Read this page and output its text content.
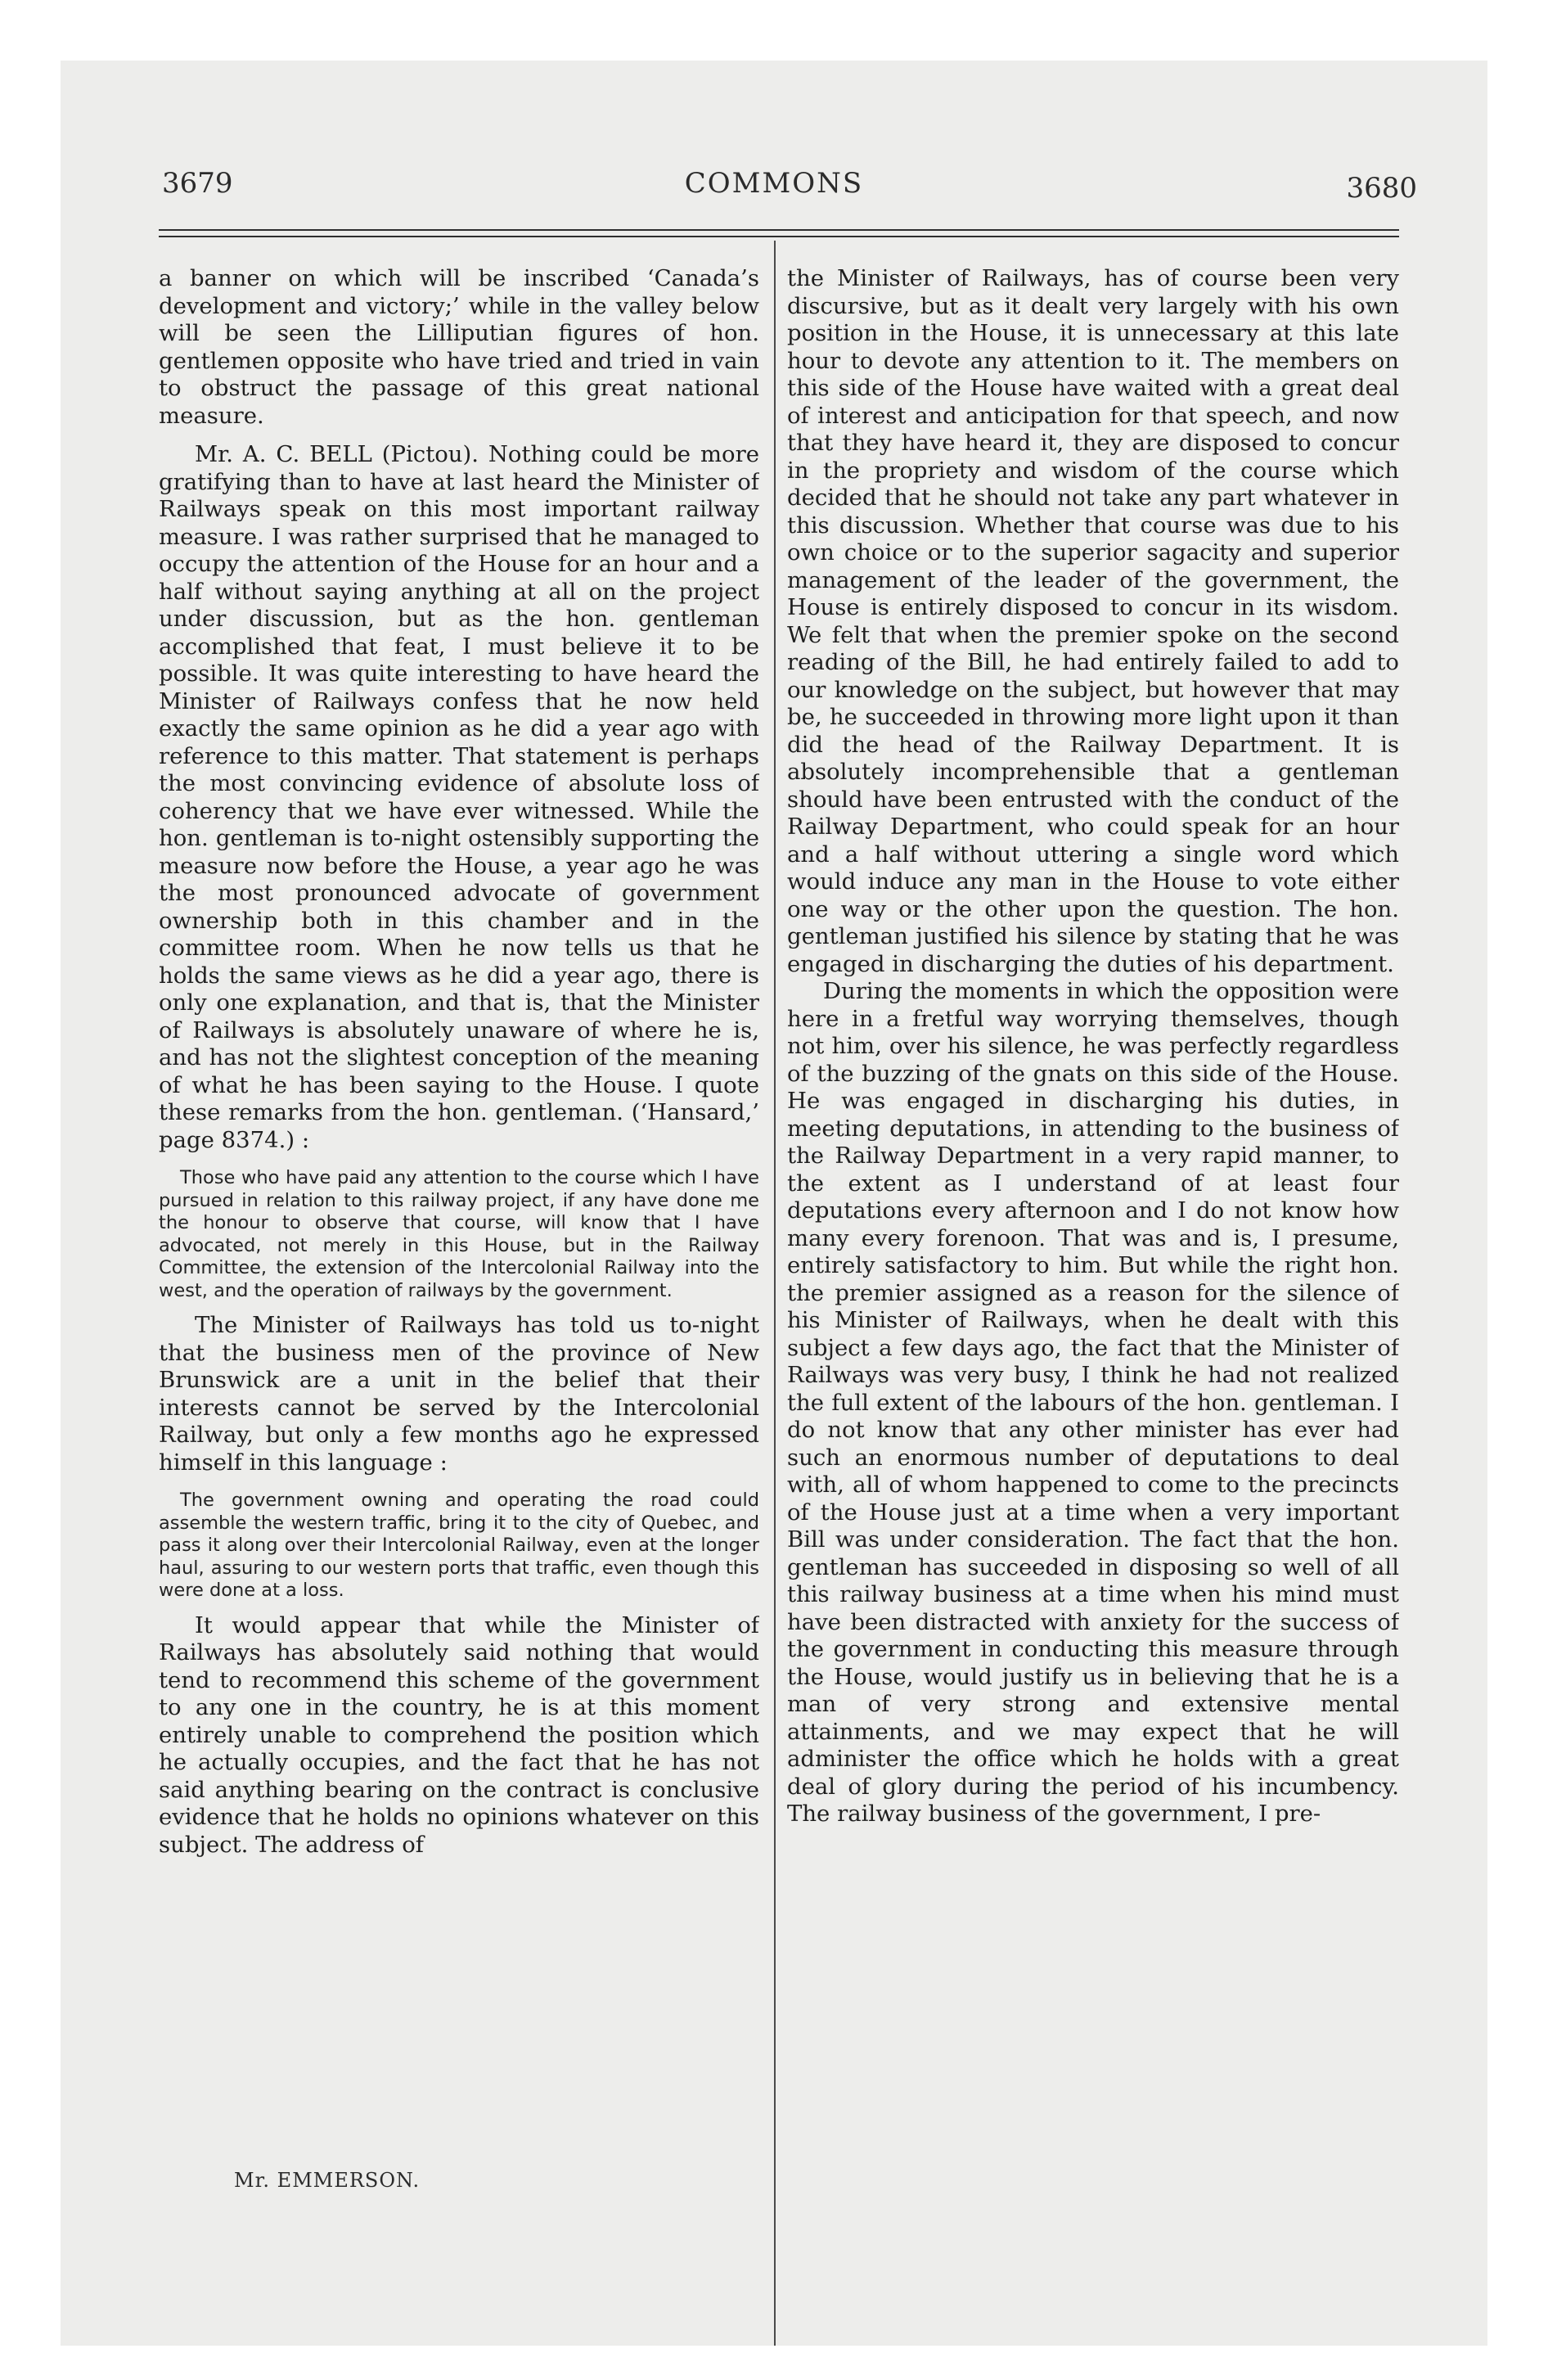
3679	COMMONS	3680

a banner on which will be inscribed ‘Canada’s development and victory;’ while in the valley below will be seen the Lilliputian figures of hon. gentlemen opposite who have tried and tried in vain to obstruct the passage of this great national measure.

Mr. A. C. BELL (Pictou). Nothing could be more gratifying than to have at last heard the Minister of Railways speak on this most important railway measure. I was rather surprised that he managed to occupy the attention of the House for an hour and a half without saying anything at all on the project under discussion, but as the hon. gentleman accomplished that feat, I must believe it to be possible. It was quite interesting to have heard the Minister of Railways confess that he now held exactly the same opinion as he did a year ago with reference to this matter. That statement is perhaps the most convincing evidence of absolute loss of coherency that we have ever witnessed. While the hon. gentleman is to-night ostensibly supporting the measure now before the House, a year ago he was the most pronounced advocate of government ownership both in this chamber and in the committee room. When he now tells us that he holds the same views as he did a year ago, there is only one explanation, and that is, that the Minister of Railways is absolutely unaware of where he is, and has not the slightest conception of the meaning of what he has been saying to the House. I quote these remarks from the hon. gentleman. (‘Hansard,’ page 8374.) :

Those who have paid any attention to the course which I have pursued in relation to this railway project, if any have done me the honour to observe that course, will know that I have advocated, not merely in this House, but in the Railway Committee, the extension of the Intercolonial Railway into the west, and the operation of railways by the government.

The Minister of Railways has told us to-night that the business men of the province of New Brunswick are a unit in the belief that their interests cannot be served by the Intercolonial Railway, but only a few months ago he expressed himself in this language :

The government owning and operating the road could assemble the western traffic, bring it to the city of Quebec, and pass it along over their Intercolonial Railway, even at the longer haul, assuring to our western ports that traffic, even though this were done at a loss.

It would appear that while the Minister of Railways has absolutely said nothing that would tend to recommend this scheme of the government to any one in the country, he is at this moment entirely unable to comprehend the position which he actually occupies, and the fact that he has not said anything bearing on the contract is conclusive evidence that he holds no opinions whatever on this subject. The address of

Mr. EMMERSON.

the Minister of Railways, has of course been very discursive, but as it dealt very largely with his own position in the House, it is unnecessary at this late hour to devote any attention to it. The members on this side of the House have waited with a great deal of interest and anticipation for that speech, and now that they have heard it, they are disposed to concur in the propriety and wisdom of the course which decided that he should not take any part whatever in this discussion. Whether that course was due to his own choice or to the superior sagacity and superior management of the leader of the government, the House is entirely disposed to concur in its wisdom. We felt that when the premier spoke on the second reading of the Bill, he had entirely failed to add to our knowledge on the subject, but however that may be, he succeeded in throwing more light upon it than did the head of the Railway Department. It is absolutely incomprehensible that a gentleman should have been entrusted with the conduct of the Railway Department, who could speak for an hour and a half without uttering a single word which would induce any man in the House to vote either one way or the other upon the question. The hon. gentleman justified his silence by stating that he was engaged in discharging the duties of his department.

During the moments in which the opposition were here in a fretful way worrying themselves, though not him, over his silence, he was perfectly regardless of the buzzing of the gnats on this side of the House. He was engaged in discharging his duties, in meeting deputations, in attending to the business of the Railway Department in a very rapid manner, to the extent as I understand of at least four deputations every afternoon and I do not know how many every forenoon. That was and is, I presume, entirely satisfactory to him. But while the right hon. the premier assigned as a reason for the silence of his Minister of Railways, when he dealt with this subject a few days ago, the fact that the Minister of Railways was very busy, I think he had not realized the full extent of the labours of the hon. gentleman. I do not know that any other minister has ever had such an enormous number of deputations to deal with, all of whom happened to come to the precincts of the House just at a time when a very important Bill was under consideration. The fact that the hon. gentleman has succeeded in disposing so well of all this railway business at a time when his mind must have been distracted with anxiety for the success of the government in conducting this measure through the House, would justify us in believing that he is a man of very strong and extensive mental attainments, and we may expect that he will administer the office which he holds with a great deal of glory during the period of his incumbency. The railway business of the government, I pre-
